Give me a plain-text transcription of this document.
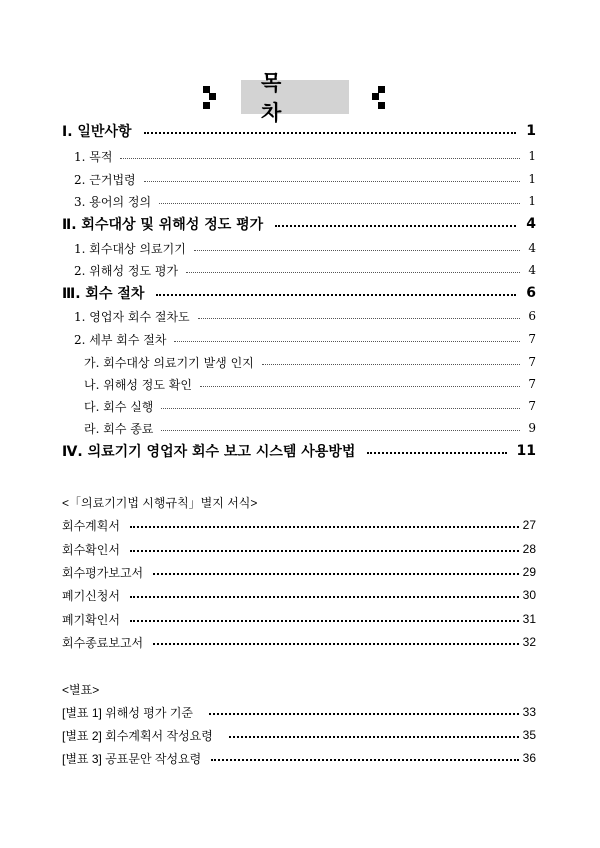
목 차
Ⅰ. 일반사항	1
1. 목적	1
2. 근거법령	1
3. 용어의 정의	1
Ⅱ. 회수대상 및 위해성 정도 평가	4
1. 회수대상 의료기기	4
2. 위해성 정도 평가	4
Ⅲ. 회수 절차	6
1. 영업자 회수 절차도	6
2. 세부 회수 절차	7
가. 회수대상 의료기기 발생 인지	7
나. 위해성 정도 확인	7
다. 회수 실행	7
라. 회수 종료	9
Ⅳ. 의료기기 영업자 회수 보고 시스템 사용방법	11
<「의료기기법 시행규칙」별지 서식>
회수계획서	27
회수확인서	28
회수평가보고서	29
폐기신청서	30
폐기확인서	31
회수종료보고서	32
<별표>
[별표 1] 위해성 평가 기준	33
[별표 2] 회수계획서 작성요령	35
[별표 3] 공표문안 작성요령	36
